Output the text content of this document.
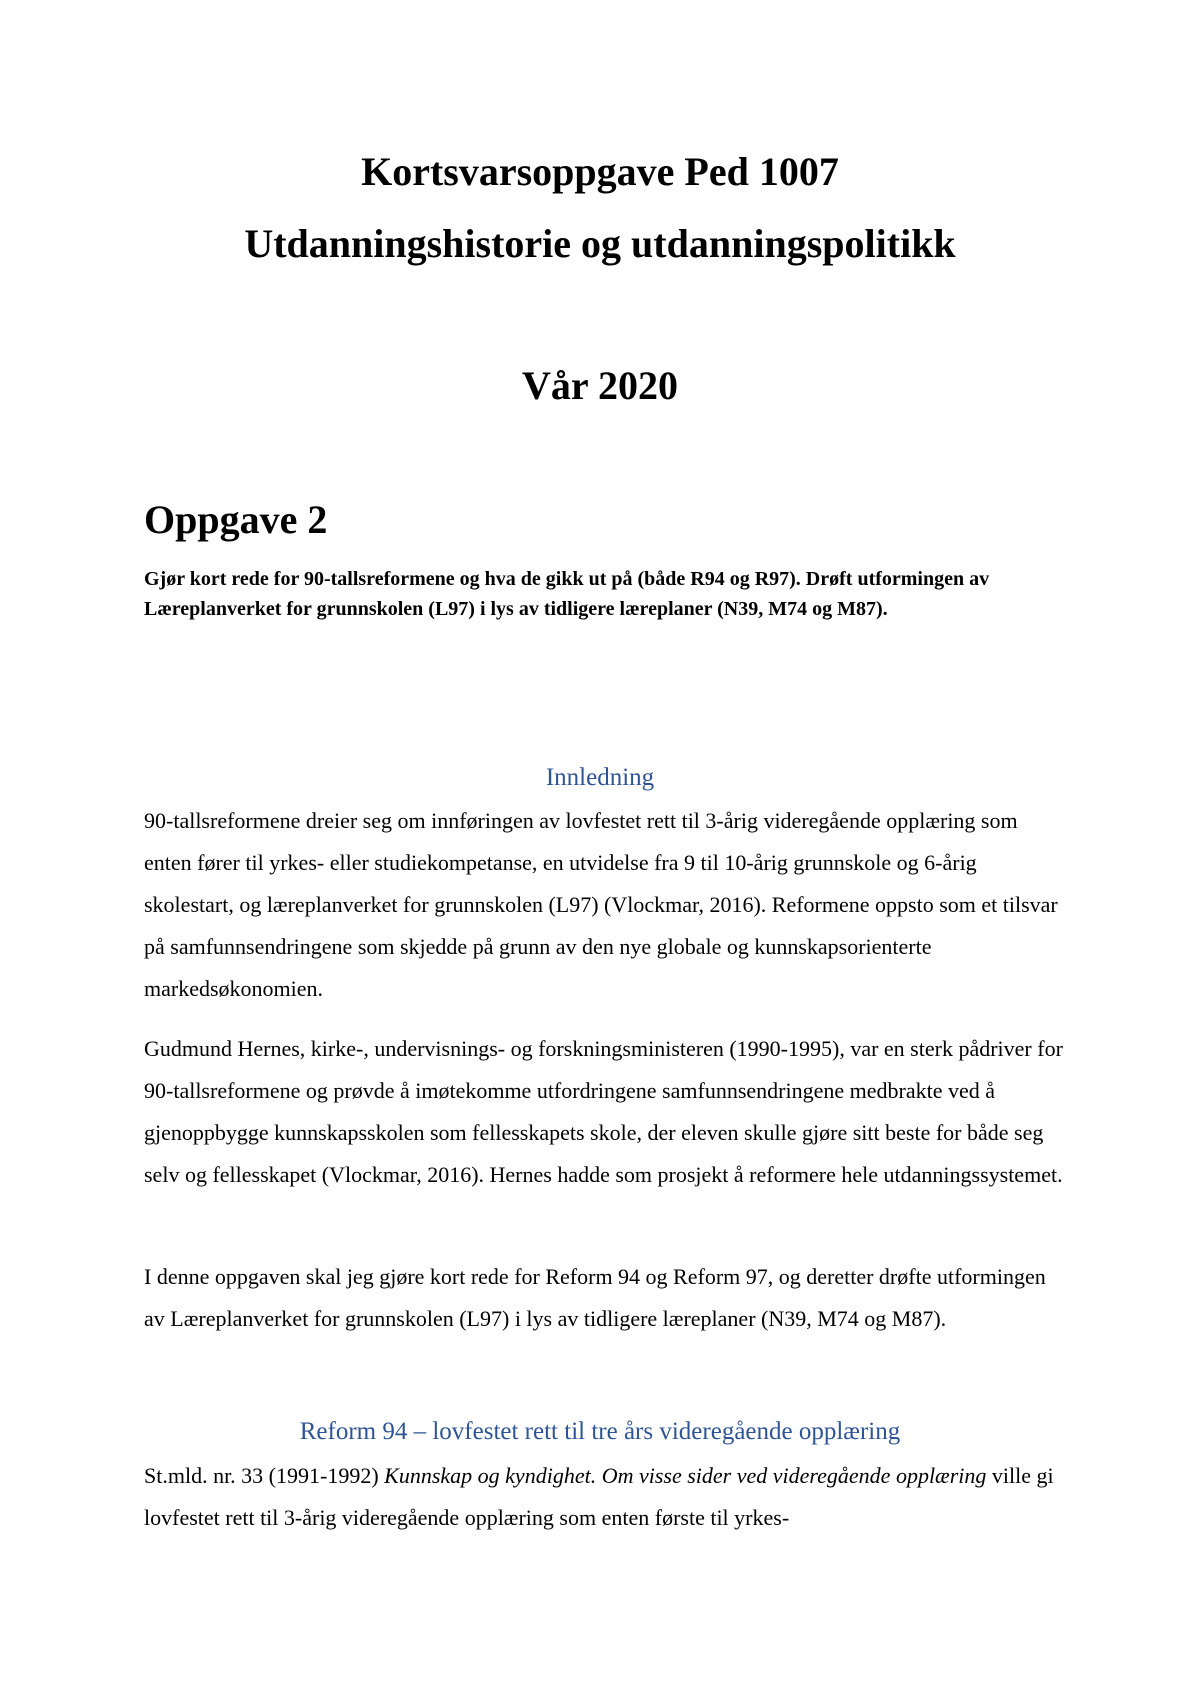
Kortsvarsoppgave Ped 1007
Utdanningshistorie og utdanningspolitikk
Vår 2020
Oppgave 2
Gjør kort rede for 90-tallsreformene og hva de gikk ut på (både R94 og R97). Drøft utformingen av Læreplanverket for grunnskolen (L97) i lys av tidligere læreplaner (N39, M74 og M87).
Innledning

90-tallsreformene dreier seg om innføringen av lovfestet rett til 3-årig videregående opplæring som enten fører til yrkes- eller studiekompetanse, en utvidelse fra 9 til 10-årig grunnskole og 6-årig skolestart, og læreplanverket for grunnskolen (L97) (Vlockmar, 2016). Reformene oppsto som et tilsvar på samfunnsendringene som skjedde på grunn av den nye globale og kunnskapsorienterte markedsøkonomien.

Gudmund Hernes, kirke-, undervisnings- og forskningsministeren (1990-1995), var en sterk pådriver for 90-tallsreformene og prøvde å imøtekomme utfordringene samfunnsendringene medbrakte ved å gjenoppbygge kunnskapsskolen som fellesskapets skole, der eleven skulle gjøre sitt beste for både seg selv og fellesskapet (Vlockmar, 2016). Hernes hadde som prosjekt å reformere hele utdanningssystemet.

I denne oppgaven skal jeg gjøre kort rede for Reform 94 og Reform 97, og deretter drøfte utformingen av Læreplanverket for grunnskolen (L97) i lys av tidligere læreplaner (N39, M74 og M87).

Reform 94 – lovfestet rett til tre års videregående opplæring

St.mld. nr. 33 (1991-1992) Kunnskap og kyndighet. Om visse sider ved videregående opplæring ville gi lovfestet rett til 3-årig videregående opplæring som enten første til yrkes-
